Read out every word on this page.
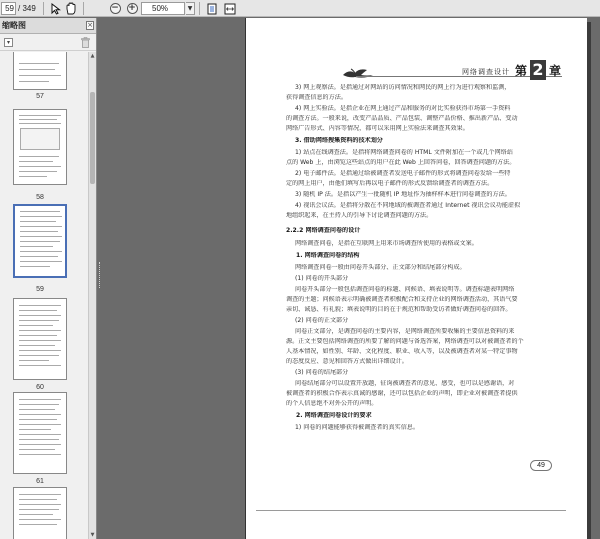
59 / 349	− +	50%	▼
缩略图	×
▾
57
58
59
60
61
▲
▼
网络调查设计 第 2 章
3) 网上观察法。是指通过对网站的访问情况和网民的网上行为进行观察和监测，
获得调查信息的方法。
4) 网上实验法。是指企业在网上通过产品和服务的对比实验获得市场第一手资料
的调查方法。一般来说，改变产品品质、产品包装、调整产品价格、推出新产品、变动
网络广告形式、内容等情况，都可以采用网上实验法来调查其效果。
3. 借助网络搜集资料的技术划分
1) 站点在线调查法。是指将网络调查问卷的 HTML 文件附加在一个或几个网络站
点的 Web 上，由浏览这些站点的用户在此 Web 上回答问卷，回答调查问题的方法。
2) 电子邮件法。是指通过给被调查者发送电子邮件的形式将调查问卷发给一些特
定的网上用户，由他们填写后再以电子邮件的形式反馈给调查者的调查方法。
3) 随机 IP 法。是指以产生一批随机 IP 地址作为抽样样本进行问卷调查的方法。
4) 视讯会议法。是指将分散在不同地域的被调查者通过 Internet 视讯会议功能虚拟
地组织起来，在主持人的引导下讨论调查问题的方法。
2.2.2 网络调查问卷的设计
网络调查问卷，是指在互联网上用来市场调查所使用的表格或文案。
1. 网络调查问卷的结构
网络调查问卷一般由问卷开头部分、正文部分和结尾部分构成。
(1) 问卷的开头部分
问卷开头部分一般包括调查问卷的标题、问候语、填表说明等。调查标题表明网络
调查的主题；问候语表示明确被调查者积极配合和支持企业的网络调查活动，其语气要
亲切、诚恳、有礼貌；填表说明的目的在于规范和帮助受访者做好调查问卷的回答。
(2) 问卷的正文部分
问卷正文部分，是调查问卷的主要内容，是网络调查所要收集的主要信息资料的来
源。正文主要包括网络调查的所要了解的问题与备选答案，网络调查可以对被调查者的个
人基本情况，如性别、年龄、文化程度、职业、收入等，以及被调查者对某一特定事物
的态度反应、意见和回答方式做出详细设计。
(3) 问卷的结尾部分
问卷结尾部分可以设置开放题，征询被调查者的意见、感受，也可以是感谢语，对
被调查者的积极合作表示真诚的感谢，还可以包括企业的声明，即企业对被调查者提供
的个人信息绝不对外公开的声明。
2. 网络调查问卷设计的要求
1) 问卷的问题能够获得被调查者的真实信息。
49
